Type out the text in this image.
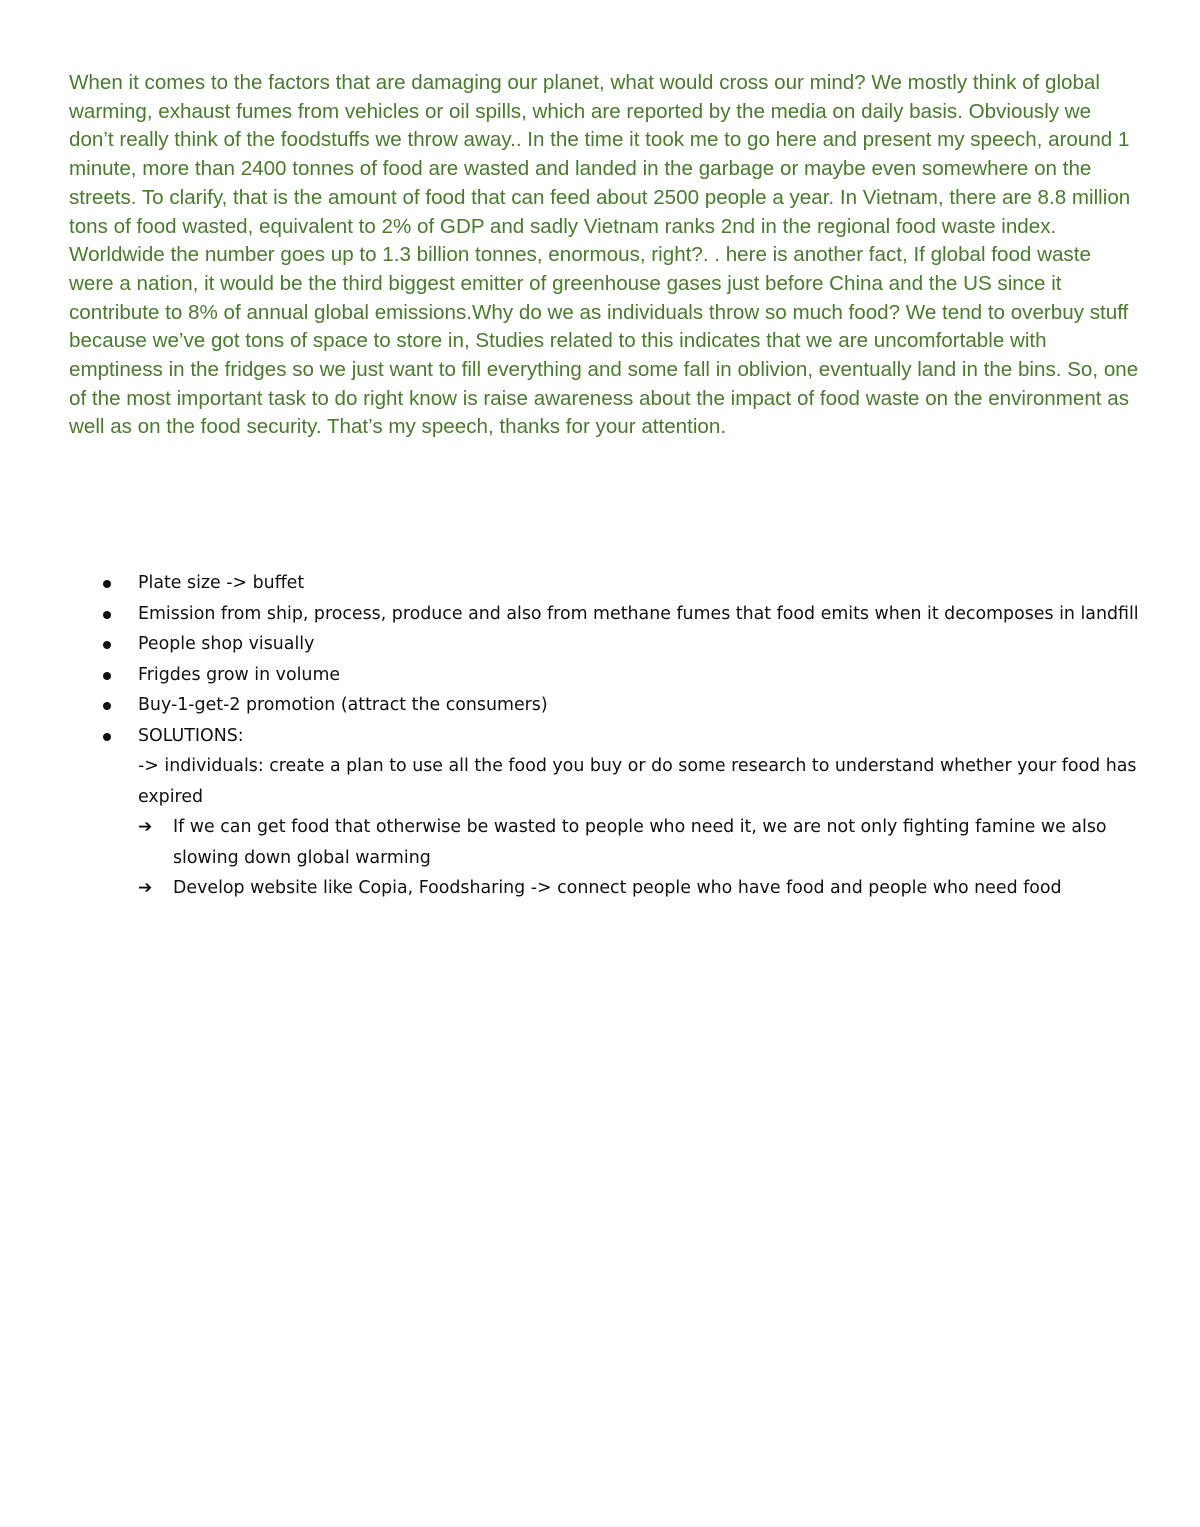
When it comes to the factors that are damaging our planet, what would cross our mind? We mostly think of global warming, exhaust fumes from vehicles or oil spills, which are reported by the media on daily basis. Obviously we don’t really think of the foodstuffs we throw away.. In the time it took me to go here and present my speech, around 1 minute, more than 2400 tonnes of food are wasted and landed in the garbage or maybe even somewhere on the streets. To clarify, that is the amount of food that can feed about 2500 people a year. In Vietnam, there are 8.8 million tons of food wasted, equivalent to 2% of GDP and sadly Vietnam ranks 2nd in the regional food waste index. Worldwide the number goes up to 1.3 billion tonnes, enormous, right?. . here is another fact, If global food waste were a nation, it would be the third biggest emitter of greenhouse gases just before China and the US since it contribute to 8% of annual global emissions.Why do we as individuals throw so much food? We tend to overbuy stuff because we’ve got tons of space to store in, Studies related to this indicates that we are uncomfortable with emptiness in the fridges so we just want to fill everything and some fall in oblivion, eventually land in the bins. So, one of the most important task to do right know is raise awareness about the impact of food waste on the environment as well as on the food security. That’s my speech, thanks for your attention.

Plate size -> buffet
Emission from ship, process, produce and also from methane fumes that food emits when it decomposes in landfill
People shop visually
Frigdes grow in volume
Buy-1-get-2 promotion (attract the consumers)
SOLUTIONS:
-> individuals: create a plan to use all the food you buy or do some research to understand whether your food has expired
➔ If we can get food that otherwise be wasted to people who need it, we are not only fighting famine we also slowing down global warming
➔ Develop website like Copia, Foodsharing -> connect people who have food and people who need food
